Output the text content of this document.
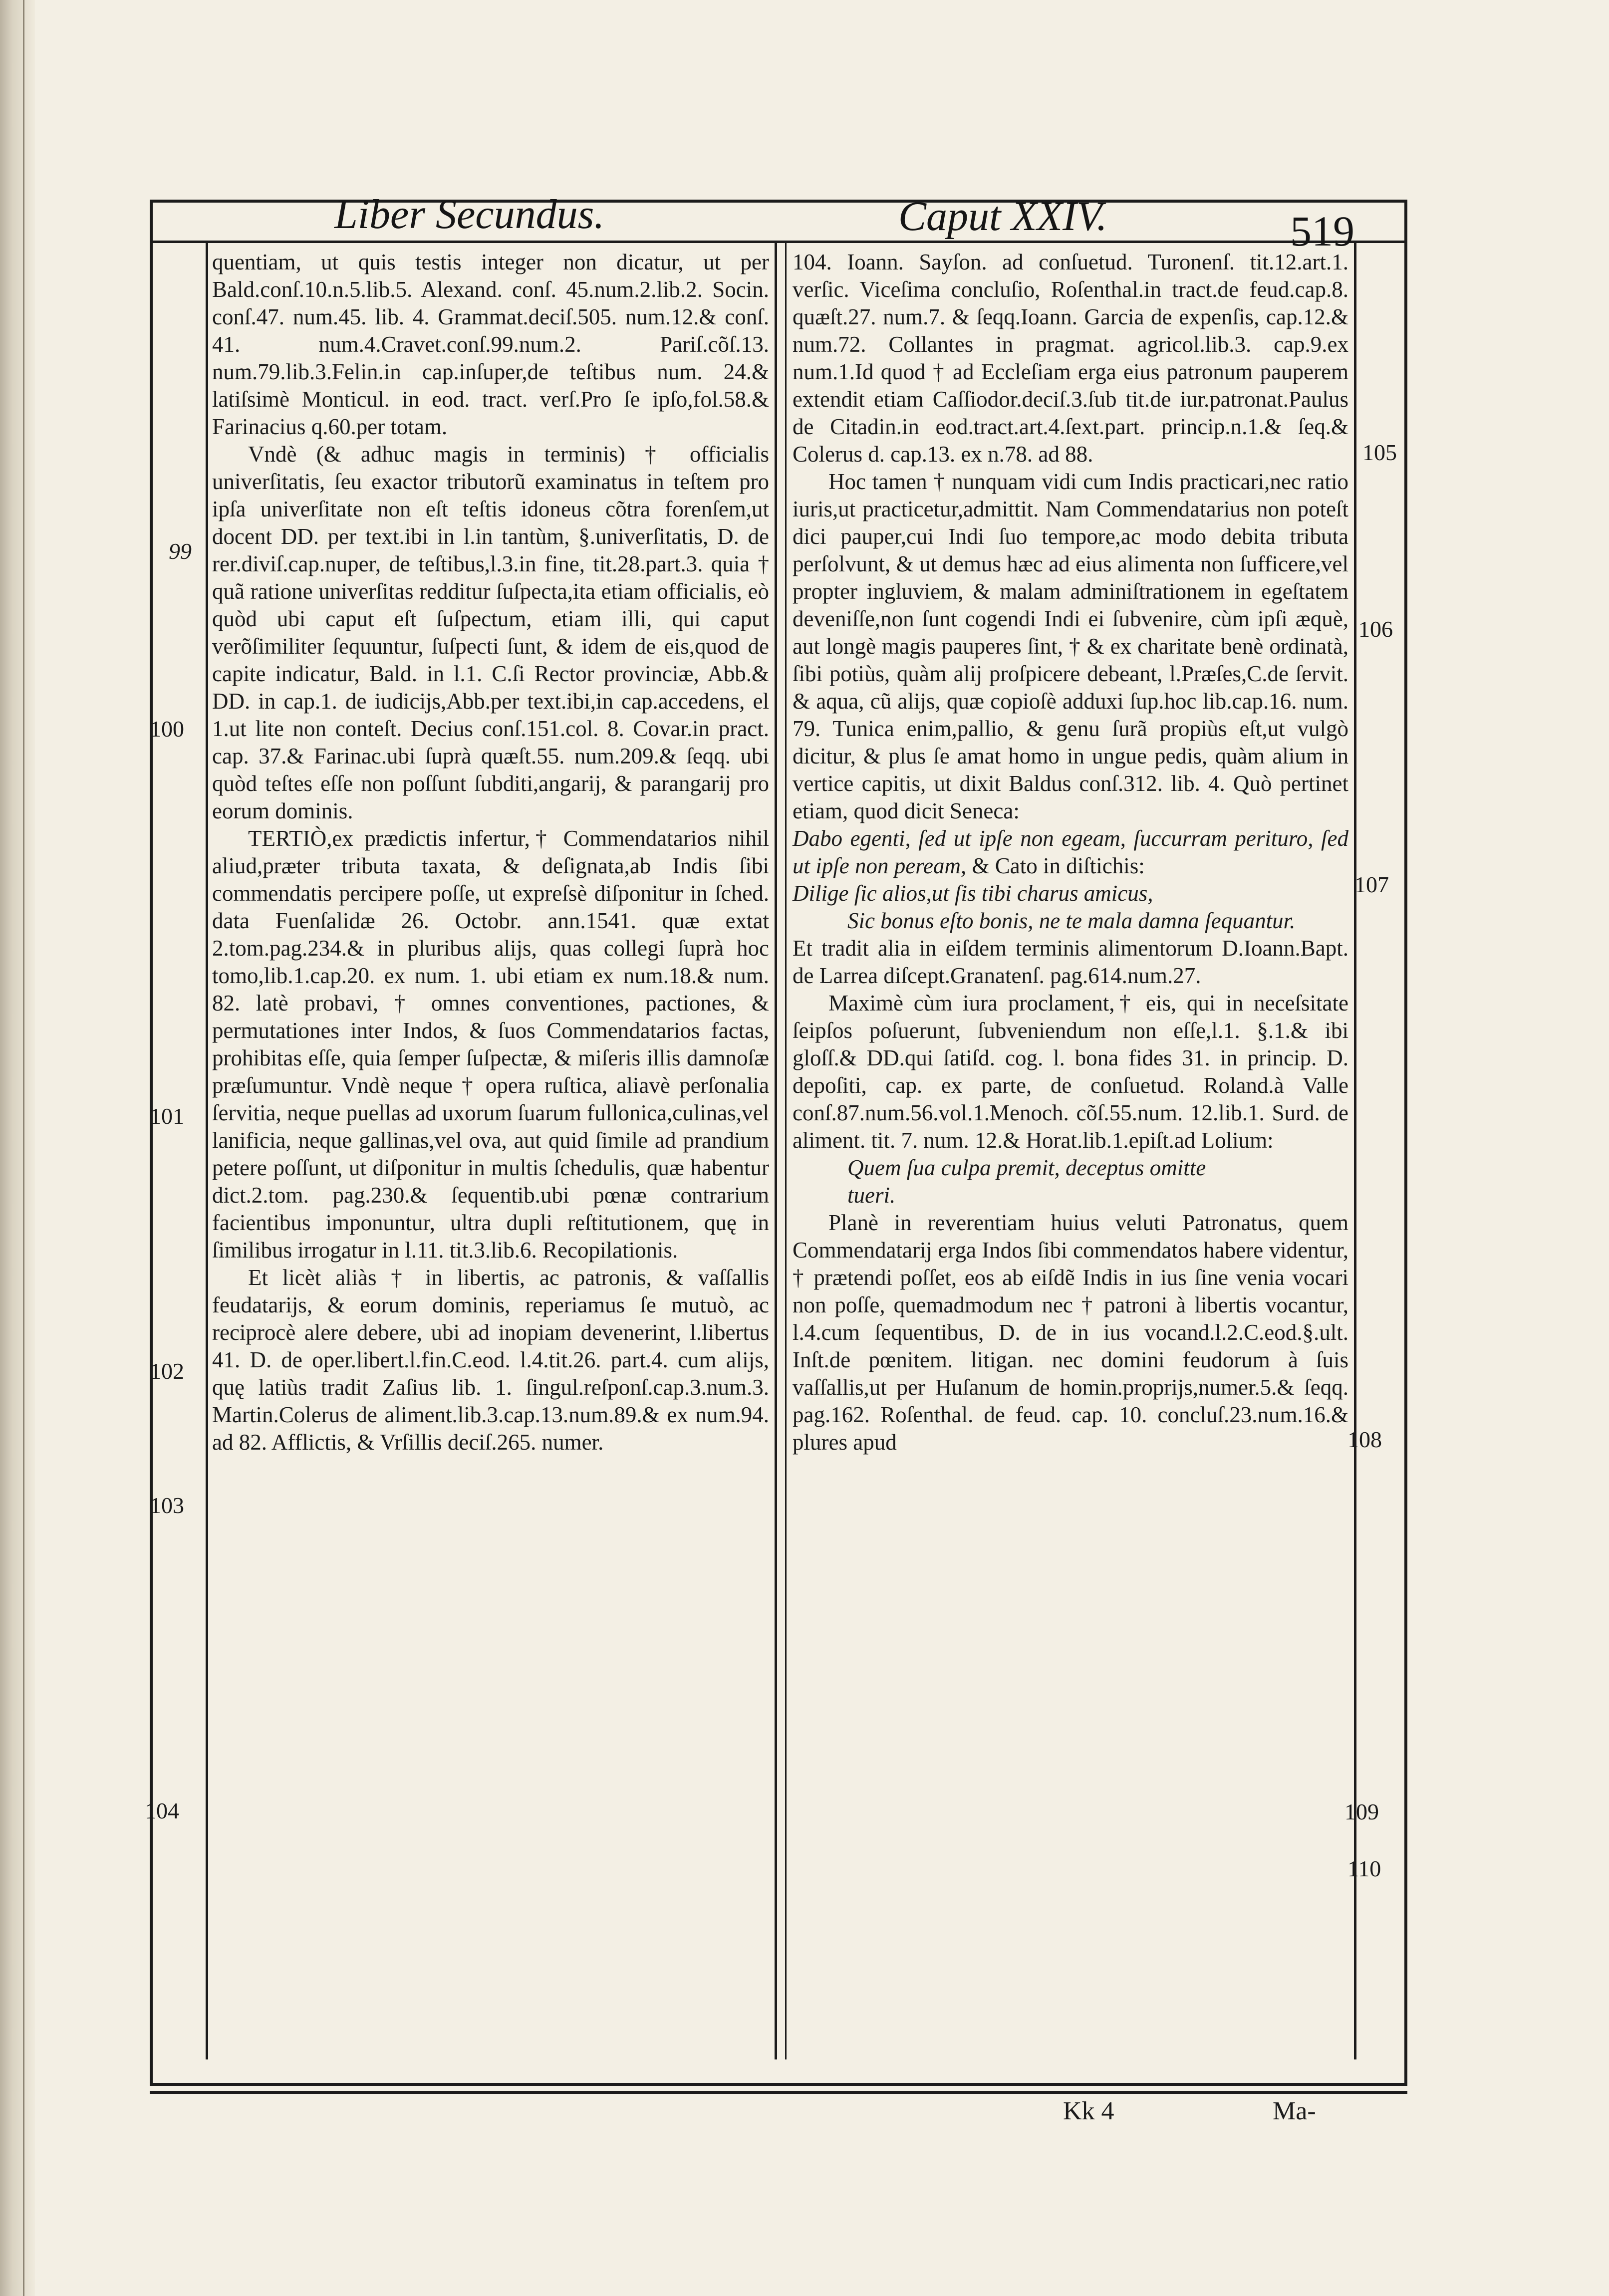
Liber Secundus.	Caput XXIV.	519

quentiam, ut quis testis integer non dicatur, ut per Bald.conſ.10.n.5.lib.5. Alexand. conſ. 45.num.2.lib.2. Socin. conſ.47. num.45. lib. 4. Grammat.deciſ.505. num.12.& conſ. 41. num.4.Cravet.conſ.99.num.2. Pariſ.cõſ.13. num.79.lib.3.Felin.in cap.inſuper,de teſtibus num. 24.& latiſsimè Monticul. in eod. tract. verſ.Pro ſe ipſo,fol.58.& Farinacius q.60.per totam.

Vndè (& adhuc magis in terminis) † officialis univerſitatis, ſeu exactor tributorũ examinatus in teſtem pro ipſa univerſitate non eſt teſtis idoneus cõtra forenſem,ut docent DD. per text.ibi in l.in tantùm, §.univerſitatis, D. de rer.diviſ.cap.nuper, de teſtibus,l.3.in fine, tit.28.part.3. quia † quã ratione univerſitas redditur ſuſpecta,ita etiam officialis, eò quòd ubi caput eſt ſuſpectum, etiam illi, qui caput verõſimiliter ſequuntur, ſuſpecti ſunt, & idem de eis,quod de capite indicatur, Bald. in l.1. C.ſi Rector provinciæ, Abb.& DD. in cap.1. de iudicijs,Abb.per text.ibi,in cap.accedens, el 1.ut lite non conteſt. Decius conſ.151.col. 8. Covar.in pract. cap. 37.& Farinac.ubi ſuprà quæſt.55. num.209.& ſeqq. ubi quòd teſtes eſſe non poſſunt ſubditi,angarij, & parangarij pro eorum dominis.

TERTIÒ,ex prædictis infertur,† Commendatarios nihil aliud,præter tributa taxata, & deſignata,ab Indis ſibi commendatis percipere poſſe, ut expreſsè diſponitur in ſched. data Fuenſalidæ 26. Octobr. ann.1541. quæ extat 2.tom.pag.234.& in pluribus alijs, quas collegi ſuprà hoc tomo,lib.1.cap.20. ex num. 1. ubi etiam ex num.18.& num. 82. latè probavi, † omnes conventiones, pactiones, & permutationes inter Indos, & ſuos Commendatarios factas, prohibitas eſſe, quia ſemper ſuſpectæ, & miſeris illis damnoſæ præſumuntur. Vndè neque † opera ruſtica, aliavè perſonalia ſervitia, neque puellas ad uxorum ſuarum fullonica,culinas,vel lanificia, neque gallinas,vel ova, aut quid ſimile ad prandium petere poſſunt, ut diſponitur in multis ſchedulis, quæ habentur dict.2.tom. pag.230.& ſequentib.ubi pœnæ contrarium facientibus imponuntur, ultra dupli reſtitutionem, quę in ſimilibus irrogatur in l.11. tit.3.lib.6. Recopilationis.

Et licèt aliàs † in libertis, ac patronis, & vaſſallis feudatarijs, & eorum dominis, reperiamus ſe mutuò, ac reciprocè alere debere, ubi ad inopiam devenerint, l.libertus 41. D. de oper.libert.l.fin.C.eod. l.4.tit.26. part.4. cum alijs, quę latiùs tradit Zaſius lib. 1. ſingul.reſponſ.cap.3.num.3. Martin.Colerus de aliment.lib.3.cap.13.num.89.& ex num.94. ad 82. Afflictis, & Vrſillis deciſ.265. numer.

104. Ioann. Sayſon. ad conſuetud. Turonenſ. tit.12.art.1. verſic. Viceſima concluſio, Roſenthal.in tract.de feud.cap.8. quæſt.27. num.7. & ſeqq.Ioann. Garcia de expenſis, cap.12.& num.72. Collantes in pragmat. agricol.lib.3. cap.9.ex num.1.Id quod † ad Eccleſiam erga eius patronum pauperem extendit etiam Caſſiodor.deciſ.3.ſub tit.de iur.patronat.Paulus de Citadin.in eod.tract.art.4.ſext.part. princip.n.1.& ſeq.& Colerus d. cap.13. ex n.78. ad 88.

Hoc tamen † nunquam vidi cum Indis practicari,nec ratio iuris,ut practicetur,admittit. Nam Commendatarius non poteſt dici pauper,cui Indi ſuo tempore,ac modo debita tributa perſolvunt, & ut demus hæc ad eius alimenta non ſufficere,vel propter ingluviem, & malam adminiſtrationem in egeſtatem deveniſſe,non ſunt cogendi Indi ei ſubvenire, cùm ipſi æquè, aut longè magis pauperes ſint, † & ex charitate benè ordinatà, ſibi potiùs, quàm alij proſpicere debeant, l.Præſes,C.de ſervit. & aqua, cũ alijs, quæ copioſè adduxi ſup.hoc lib.cap.16. num. 79. Tunica enim,pallio, & genu ſurã propiùs eſt,ut vulgò dicitur, & plus ſe amat homo in ungue pedis, quàm alium in vertice capitis, ut dixit Baldus conſ.312. lib. 4. Quò pertinet etiam, quod dicit Seneca:

Dabo egenti, ſed ut ipſe non egeam, ſuccurram perituro, ſed ut ipſe non peream, & Cato in diſtichis:

Dilige ſic alios,ut ſis tibi charus amicus,

Sic bonus eſto bonis, ne te mala damna ſequantur.

Et tradit alia in eiſdem terminis alimentorum D.Ioann.Bapt. de Larrea diſcept.Granatenſ. pag.614.num.27.

Maximè cùm iura proclament,† eis, qui in neceſsitate ſeipſos poſuerunt, ſubveniendum non eſſe,l.1. §.1.& ibi gloſſ.& DD.qui ſatiſd. cog. l. bona fides 31. in princip. D. depoſiti, cap. ex parte, de conſuetud. Roland.à Valle conſ.87.num.56.vol.1.Menoch. cõſ.55.num. 12.lib.1. Surd. de aliment. tit. 7. num. 12.& Horat.lib.1.epiſt.ad Lolium:

Quem ſua culpa premit, deceptus omitte

tueri.

Planè in reverentiam huius veluti Patronatus, quem Commendatarij erga Indos ſibi commendatos habere videntur, † prætendi poſſet, eos ab eiſdẽ Indis in ius ſine venia vocari non poſſe, quemadmodum nec † patroni à libertis vocantur, l.4.cum ſequentibus, D. de in ius vocand.l.2.C.eod.§.ult. Inſt.de pœnitem. litigan. nec domini feudorum à ſuis vaſſallis,ut per Huſanum de homin.proprijs,numer.5.& ſeqq. pag.162. Roſenthal. de feud. cap. 10. concluſ.23.num.16.& plures apud

99
100
101
102
103
104
105
106
107
108
109
110
Kk 4	Ma-
